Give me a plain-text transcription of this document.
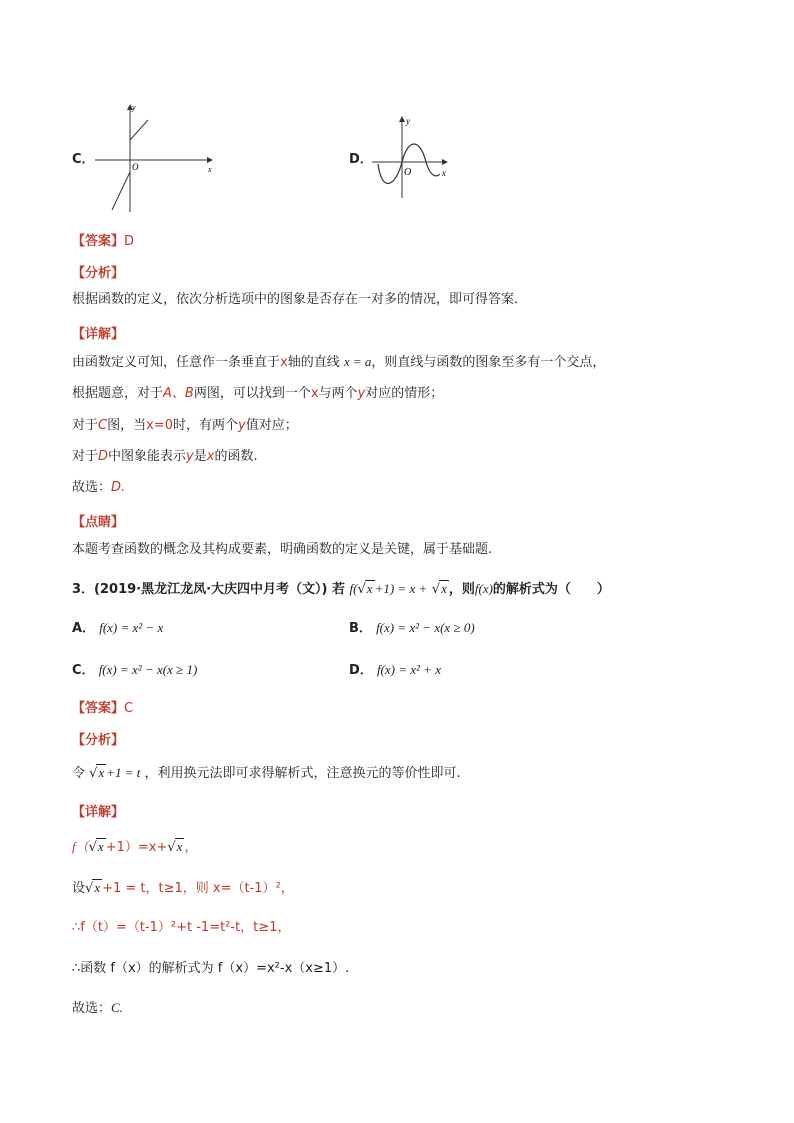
C．
y
x
O	D．
y
x
O
【答案】D
【分析】
根据函数的定义，依次分析选项中的图象是否存在一对多的情况，即可得答案．
【详解】
由函数定义可知，任意作一条垂直于x轴的直线 x = a，则直线与函数的图象至多有一个交点，
根据题意，对于A、B两图，可以找到一个x与两个y对应的情形；
对于C图，当x=0时，有两个y值对应；
对于D中图象能表示y是x的函数.
故选：D.
【点睛】
本题考查函数的概念及其构成要素，明确函数的定义是关键，属于基础题.
3．(2019·黑龙江龙凤·大庆四中月考（文）) 若 f(√x +1) = x + √x ，则f(x)的解析式为（　　）
A． f(x) = x² − x	B． f(x) = x² − x(x ≥ 0)
C． f(x) = x² − x(x ≥ 1)	D． f(x) = x² + x
【答案】C
【分析】
令 √x +1 = t ，利用换元法即可求得解析式，注意换元的等价性即可.
【详解】
f（√x +1）=x+√x ，
设√x +1 = t，t≥1，则 x=（t-1）²，
∴f（t）=（t-1）²+t -1=t²-t，t≥1，
∴函数 f（x）的解析式为 f（x）=x²-x（x≥1）.
故选：C.
